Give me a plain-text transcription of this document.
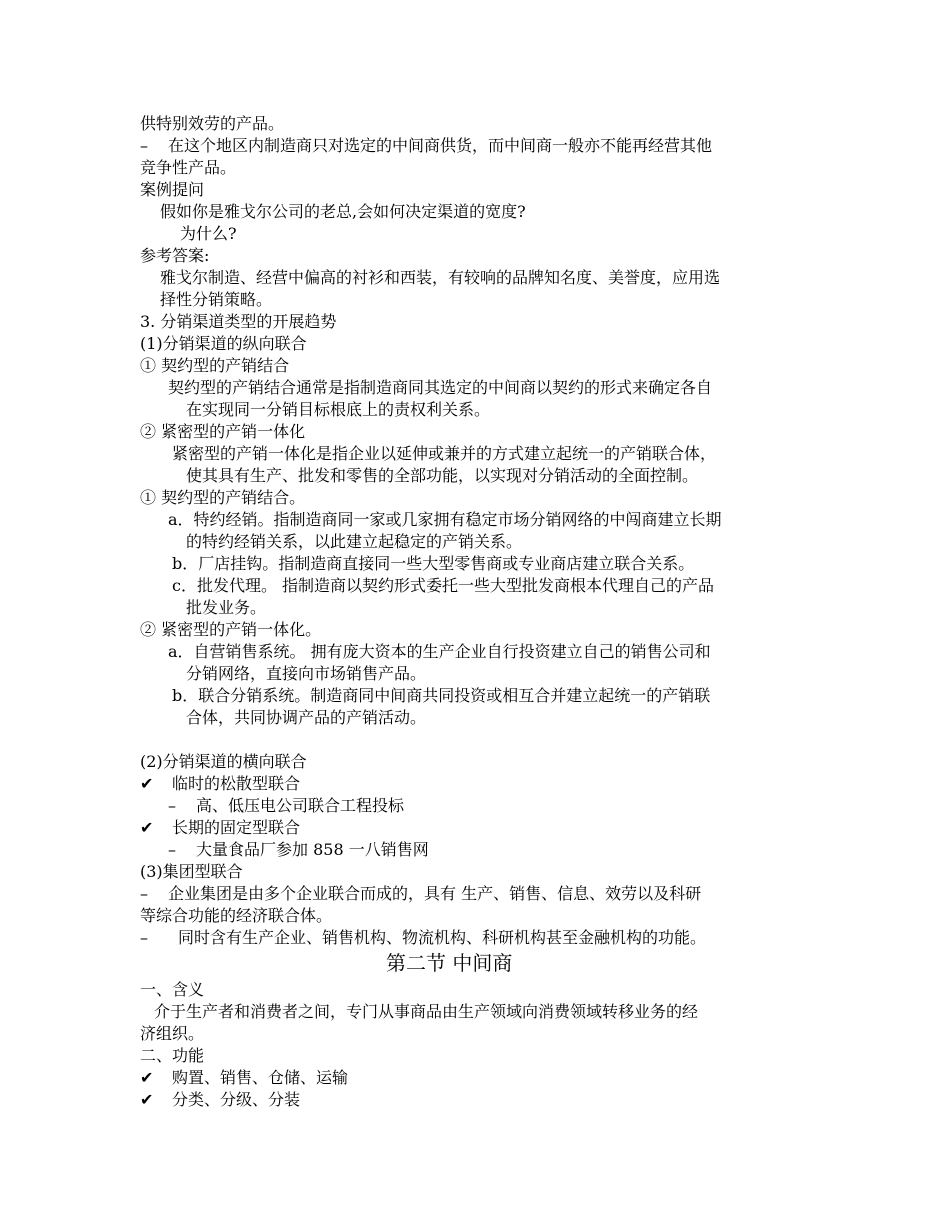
供特别效劳的产品。
– 在这个地区内制造商只对选定的中间商供货，而中间商一般亦不能再经营其他
竞争性产品。
案例提问
假如你是雅戈尔公司的老总,会如何决定渠道的宽度?
为什么?
参考答案:
雅戈尔制造、经营中偏高的衬衫和西装，有较响的品牌知名度、美誉度，应用选
择性分销策略。
3. 分销渠道类型的开展趋势
(1)分销渠道的纵向联合
① 契约型的产销结合
契约型的产销结合通常是指制造商同其选定的中间商以契约的形式来确定各自
在实现同一分销目标根底上的责权利关系。
② 紧密型的产销一体化
紧密型的产销一体化是指企业以延伸或兼并的方式建立起统一的产销联合体，
使其具有生产、批发和零售的全部功能，以实现对分销活动的全面控制。
① 契约型的产销结合。
a．特约经销。指制造商同一家或几家拥有稳定市场分销网络的中闯商建立长期
的特约经销关系，以此建立起稳定的产销关系。
b．厂店挂钩。指制造商直接同一些大型零售商或专业商店建立联合关系。
c．批发代理。 指制造商以契约形式委托一些大型批发商根本代理自己的产品
批发业务。
② 紧密型的产销一体化。
a．自营销售系统。 拥有庞大资本的生产企业自行投资建立自己的销售公司和
分销网络，直接向市场销售产品。
b．联合分销系统。制造商同中间商共同投资或相互合并建立起统一的产销联
合体，共同协调产品的产销活动。
(2)分销渠道的横向联合
✔ 临时的松散型联合
– 高、低压电公司联合工程投标
✔ 长期的固定型联合
– 大量食品厂参加 858 一八销售网
(3)集团型联合
– 企业集团是由多个企业联合而成的，具有 生产、销售、信息、效劳以及科研
等综合功能的经济联合体。
– 同时含有生产企业、销售机构、物流机构、科研机构甚至金融机构的功能。
第二节 中间商
一、含义
介于生产者和消费者之间，专门从事商品由生产领域向消费领域转移业务的经
济组织。
二、功能
✔ 购置、销售、仓储、运输
✔ 分类、分级、分装
